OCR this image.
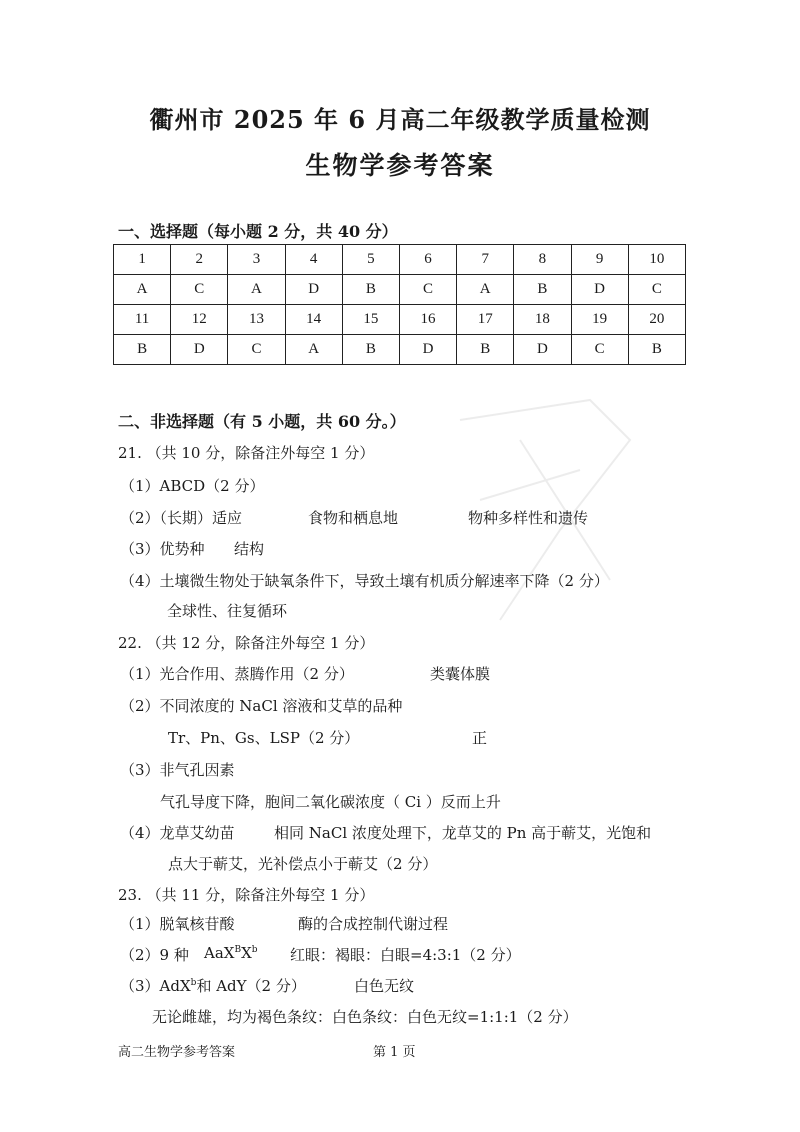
衢州市 2025 年 6 月高二年级教学质量检测
生物学参考答案
一、选择题（每小题 2 分，共 40 分）
1	2	3	4	5	6	7	8	9	10
A	C	A	D	B	C	A	B	D	C
11	12	13	14	15	16	17	18	19	20
B	D	C	A	B	D	B	D	C	B
二、非选择题（有 5 小题，共 60 分。）
21. （共 10 分，除备注外每空 1 分）
（1）ABCD（2 分）
（2）（长期）适应	食物和栖息地	物种多样性和遗传
（3）优势种 结构
（4）土壤微生物处于缺氧条件下，导致土壤有机质分解速率下降（2 分）
全球性、往复循环
22. （共 12 分，除备注外每空 1 分）
（1）光合作用、蒸腾作用（2 分）	类囊体膜
（2）不同浓度的 NaCl 溶液和艾草的品种
Tr、Pn、Gs、LSP（2 分）	正
（3）非气孔因素
气孔导度下降，胞间二氧化碳浓度（ Ci ）反而上升
（4）龙草艾幼苗	相同 NaCl 浓度处理下，龙草艾的 Pn 高于蕲艾，光饱和
点大于蕲艾，光补偿点小于蕲艾（2 分）
23. （共 11 分，除备注外每空 1 分）
（1）脱氧核苷酸	酶的合成控制代谢过程
（2）9 种 $AaX^BX^b$ 红眼：褐眼：白眼=4:3:1（2 分）
（3）AdX$^b$和 AdY（2 分）	白色无纹
无论雌雄，均为褐色条纹：白色条纹：白色无纹=1:1:1（2 分）
高二生物学参考答案	第 1 页
